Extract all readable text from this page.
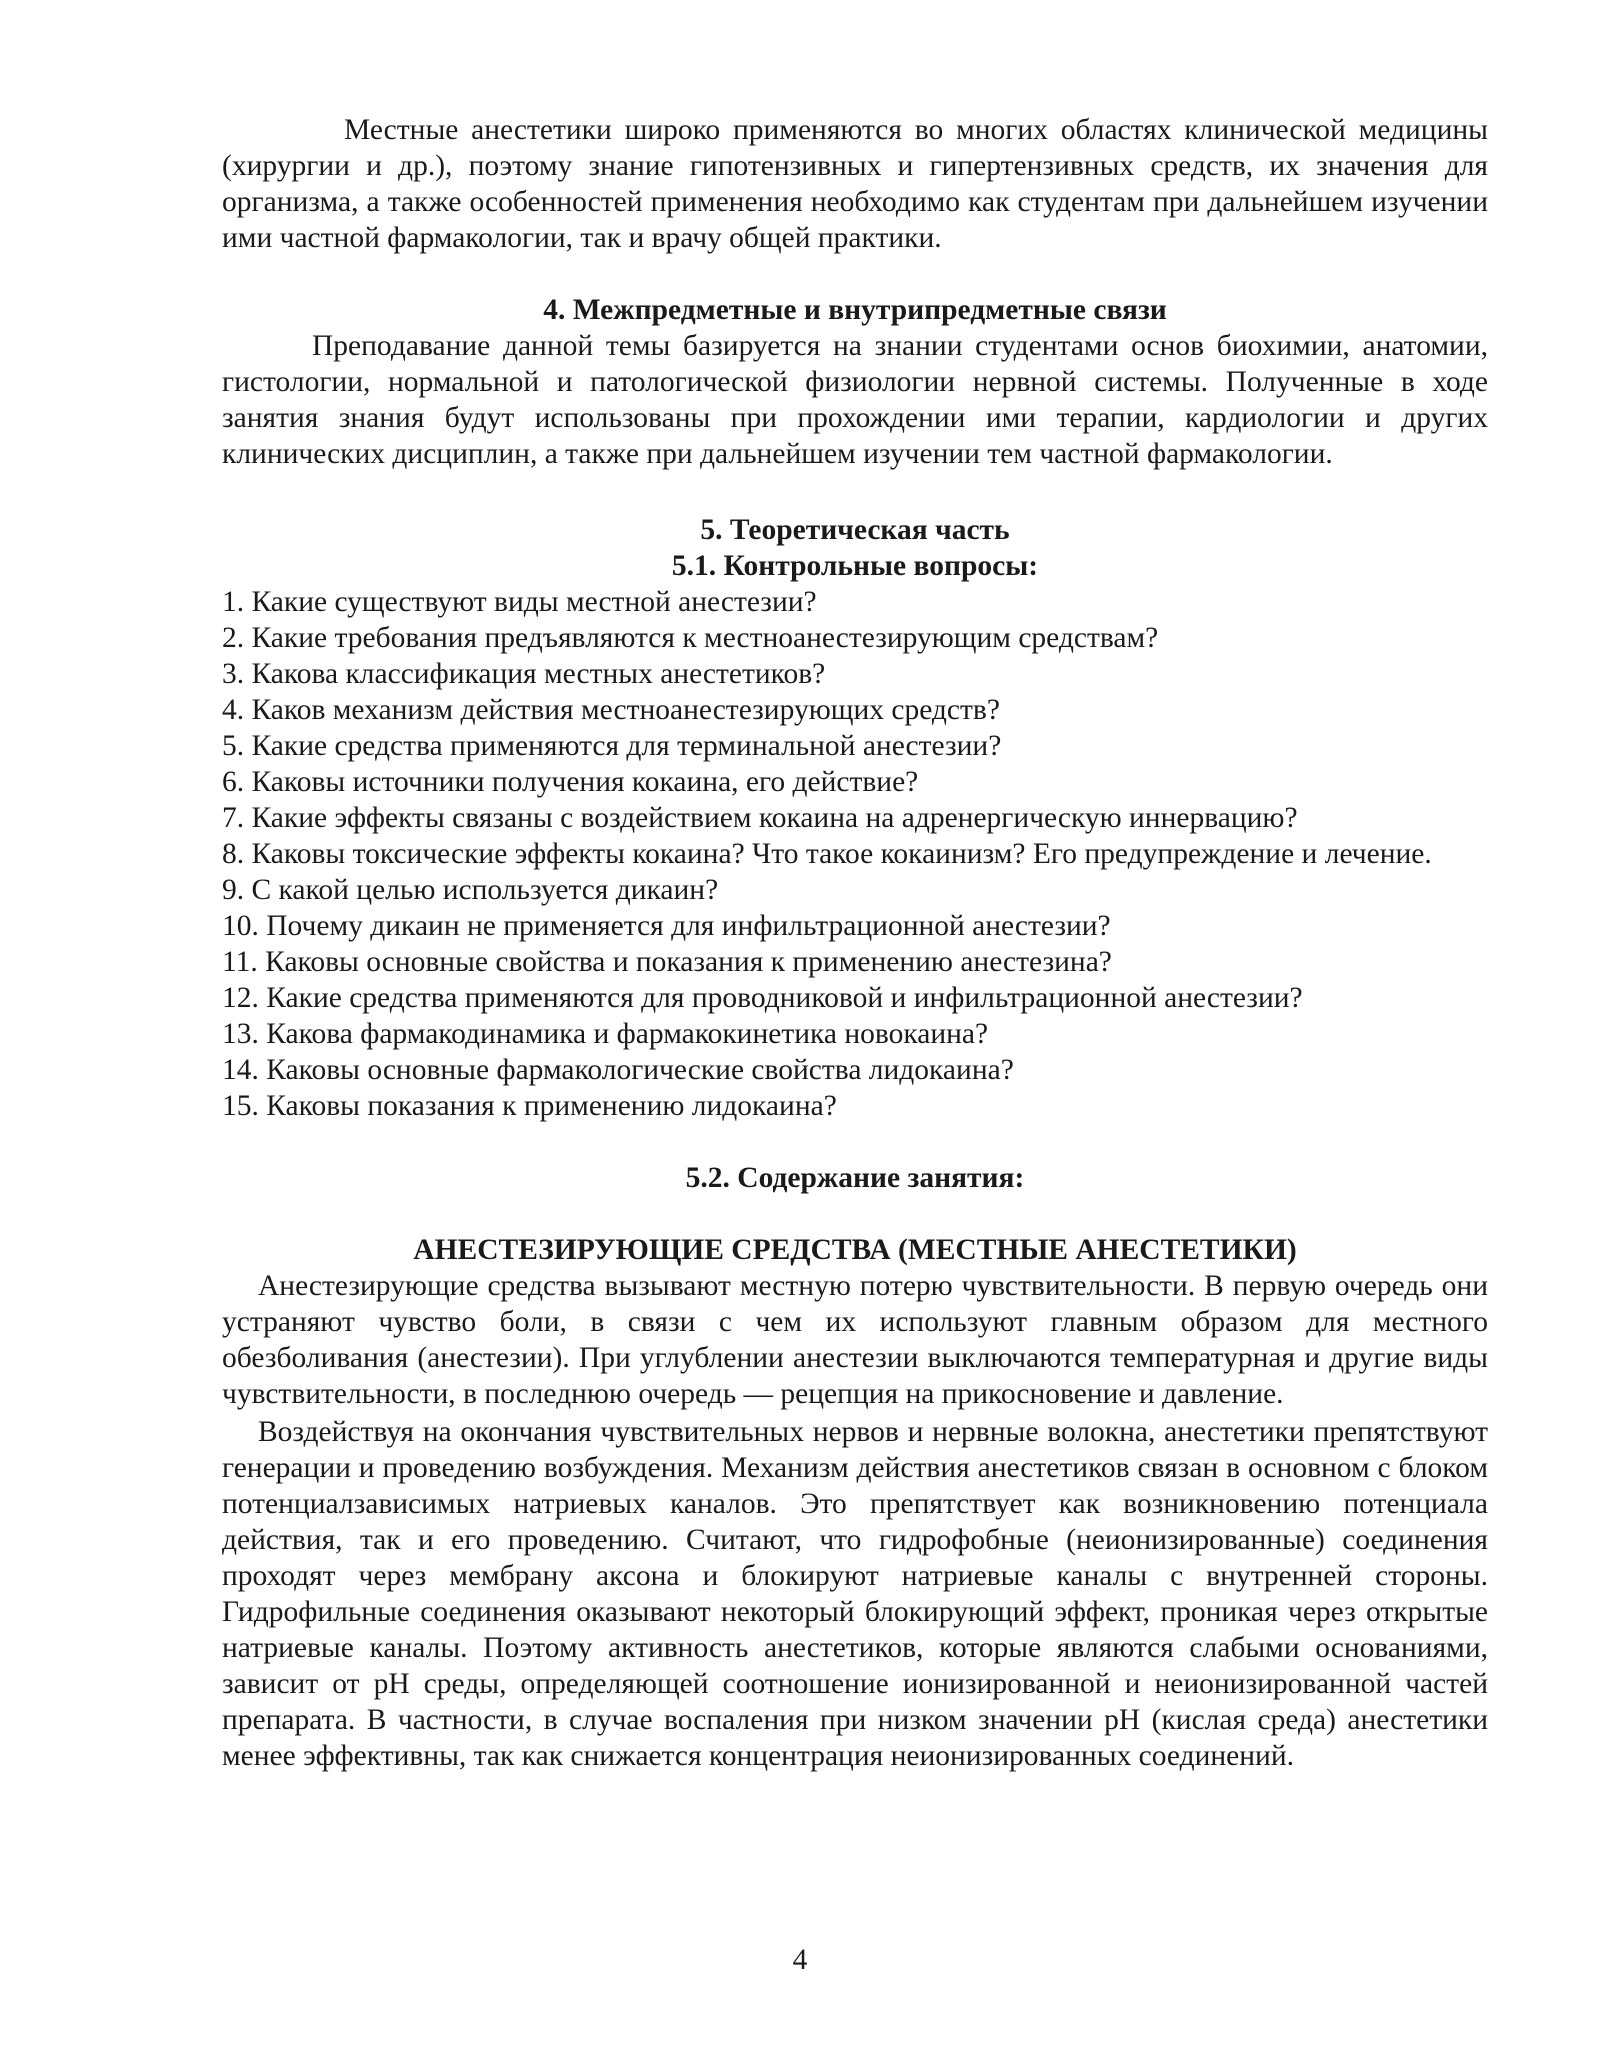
Местные анестетики широко применяются во многих областях клинической медицины (хирургии и др.), поэтому знание гипотензивных и гипертензивных средств, их значения для организма, а также особенностей применения необходимо как студентам при дальнейшем изучении ими частной фармакологии, так и врачу общей практики.

4. Межпредметные и внутрипредметные связи

Преподавание данной темы базируется на знании студентами основ биохимии, анатомии, гистологии, нормальной и патологической физиологии нервной системы. Полученные в ходе занятия знания будут использованы при прохождении ими терапии, кардиологии и других клинических дисциплин, а также при дальнейшем изучении тем частной фармакологии.

5. Теоретическая часть

5.1. Контрольные вопросы:

1. Какие существуют виды местной анестезии?
2. Какие требования предъявляются к местноанестезирующим средствам?
3. Какова классификация местных анестетиков?
4. Каков механизм действия местноанестезирующих средств?
5. Какие средства применяются для терминальной анестезии?
6. Каковы источники получения кокаина, его действие?
7. Какие эффекты связаны с воздействием кокаина на адренергическую иннервацию?
8. Каковы токсические эффекты кокаина? Что такое кокаинизм? Его предупреждение и лечение.
9. С какой целью используется дикаин?
10. Почему дикаин не применяется для инфильтрационной анестезии?
11. Каковы основные свойства и показания к применению анестезина?
12. Какие средства применяются для проводниковой и инфильтрационной анестезии?
13. Какова фармакодинамика и фармакокинетика новокаина?
14. Каковы основные фармакологические свойства лидокаина?
15. Каковы показания к применению лидокаина?

5.2. Содержание занятия:

АНЕСТЕЗИРУЮЩИЕ СРЕДСТВА (МЕСТНЫЕ АНЕСТЕТИКИ)

Анестезирующие средства вызывают местную потерю чувствительности. В первую очередь они устраняют чувство боли, в связи с чем их используют главным образом для местного обезболивания (анестезии). При углублении анестезии выключаются температурная и другие виды чувствительности, в последнюю очередь — рецепция на прикосновение и давление.

Воздействуя на окончания чувствительных нервов и нервные волокна, анестетики препятствуют генерации и проведению возбуждения. Механизм действия анестетиков связан в основном с блоком потенциалзависимых натриевых каналов. Это препятствует как возникновению потенциала действия, так и его проведению. Считают, что гидрофобные (неионизированные) соединения проходят через мембрану аксона и блокируют натриевые каналы с внутренней стороны. Гидрофильные соединения оказывают некоторый блокирующий эффект, проникая через открытые натриевые каналы. Поэтому активность анестетиков, которые являются слабыми основаниями, зависит от pH среды, определяющей соотношение ионизированной и неионизированной частей препарата. В частности, в случае воспаления при низком значении pH (кислая среда) анестетики менее эффективны, так как снижается концентрация неионизированных соединений.

4
